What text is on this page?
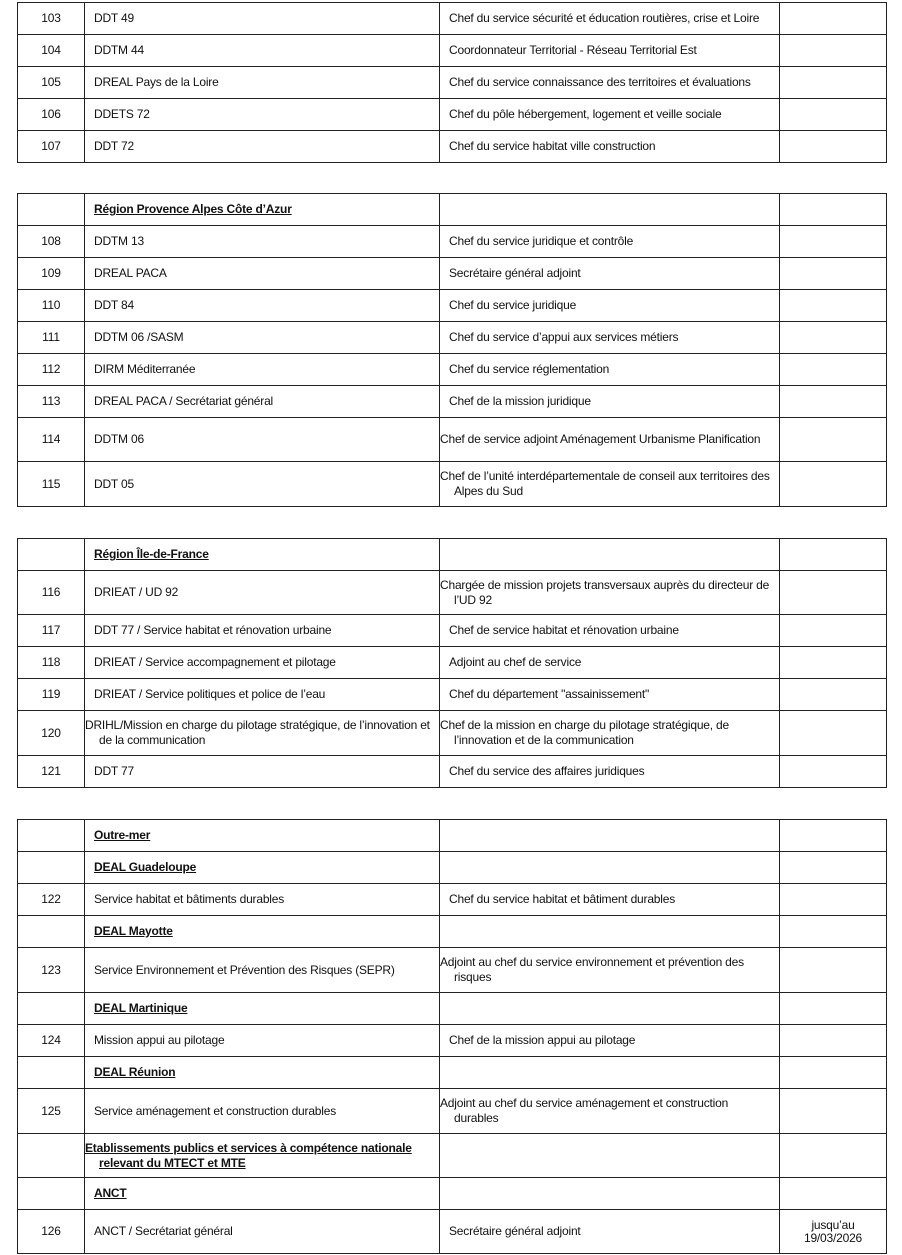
103	DDT 49	Chef du service sécurité et éducation routières, crise et Loire	
104	DDTM 44	Coordonnateur Territorial - Réseau Territorial Est	
105	DREAL Pays de la Loire	Chef du service connaissance des territoires et évaluations	
106	DDETS 72	Chef du pôle hébergement, logement et veille sociale	
107	DDT 72	Chef du service habitat ville construction	
	Région Provence Alpes Côte d’Azur		
108	DDTM 13	Chef du service juridique et contrôle	
109	DREAL PACA	Secrétaire général adjoint	
110	DDT 84	Chef du service juridique	
111	DDTM 06 /SASM	Chef du service d’appui aux services métiers	
112	DIRM Méditerranée	Chef du service réglementation	
113	DREAL PACA / Secrétariat général	Chef de la mission juridique	
114	DDTM 06	Chef de service adjoint Aménagement Urbanisme Planification	
115	DDT 05	Chef de l’unité interdépartementale de conseil aux territoires des Alpes du Sud	
	Région Île-de-France		
116	DRIEAT / UD 92	Chargée de mission projets transversaux auprès du directeur de l’UD 92	
117	DDT 77 / Service habitat et rénovation urbaine	Chef de service habitat et rénovation urbaine	
118	DRIEAT / Service accompagnement et pilotage	Adjoint au chef de service	
119	DRIEAT / Service politiques et police de l’eau	Chef du département "assainissement"	
120	DRIHL/Mission en charge du pilotage stratégique, de l’innovation et de la communication	Chef de la mission en charge du pilotage stratégique, de l’innovation et de la communication	
121	DDT 77	Chef du service des affaires juridiques	
	Outre-mer		
	DEAL Guadeloupe		
122	Service habitat et bâtiments durables	Chef du service habitat et bâtiment durables	
	DEAL Mayotte		
123	Service Environnement et Prévention des Risques (SEPR)	Adjoint au chef du service environnement et prévention des risques	
	DEAL Martinique		
124	Mission appui au pilotage	Chef de la mission appui au pilotage	
	DEAL Réunion		
125	Service aménagement et construction durables	Adjoint au chef du service aménagement et construction durables	
	Etablissements publics et services à compétence nationale relevant du MTECT et MTE		
	ANCT		
126	ANCT / Secrétariat général	Secrétaire général adjoint	jusqu’au 19/03/2026
